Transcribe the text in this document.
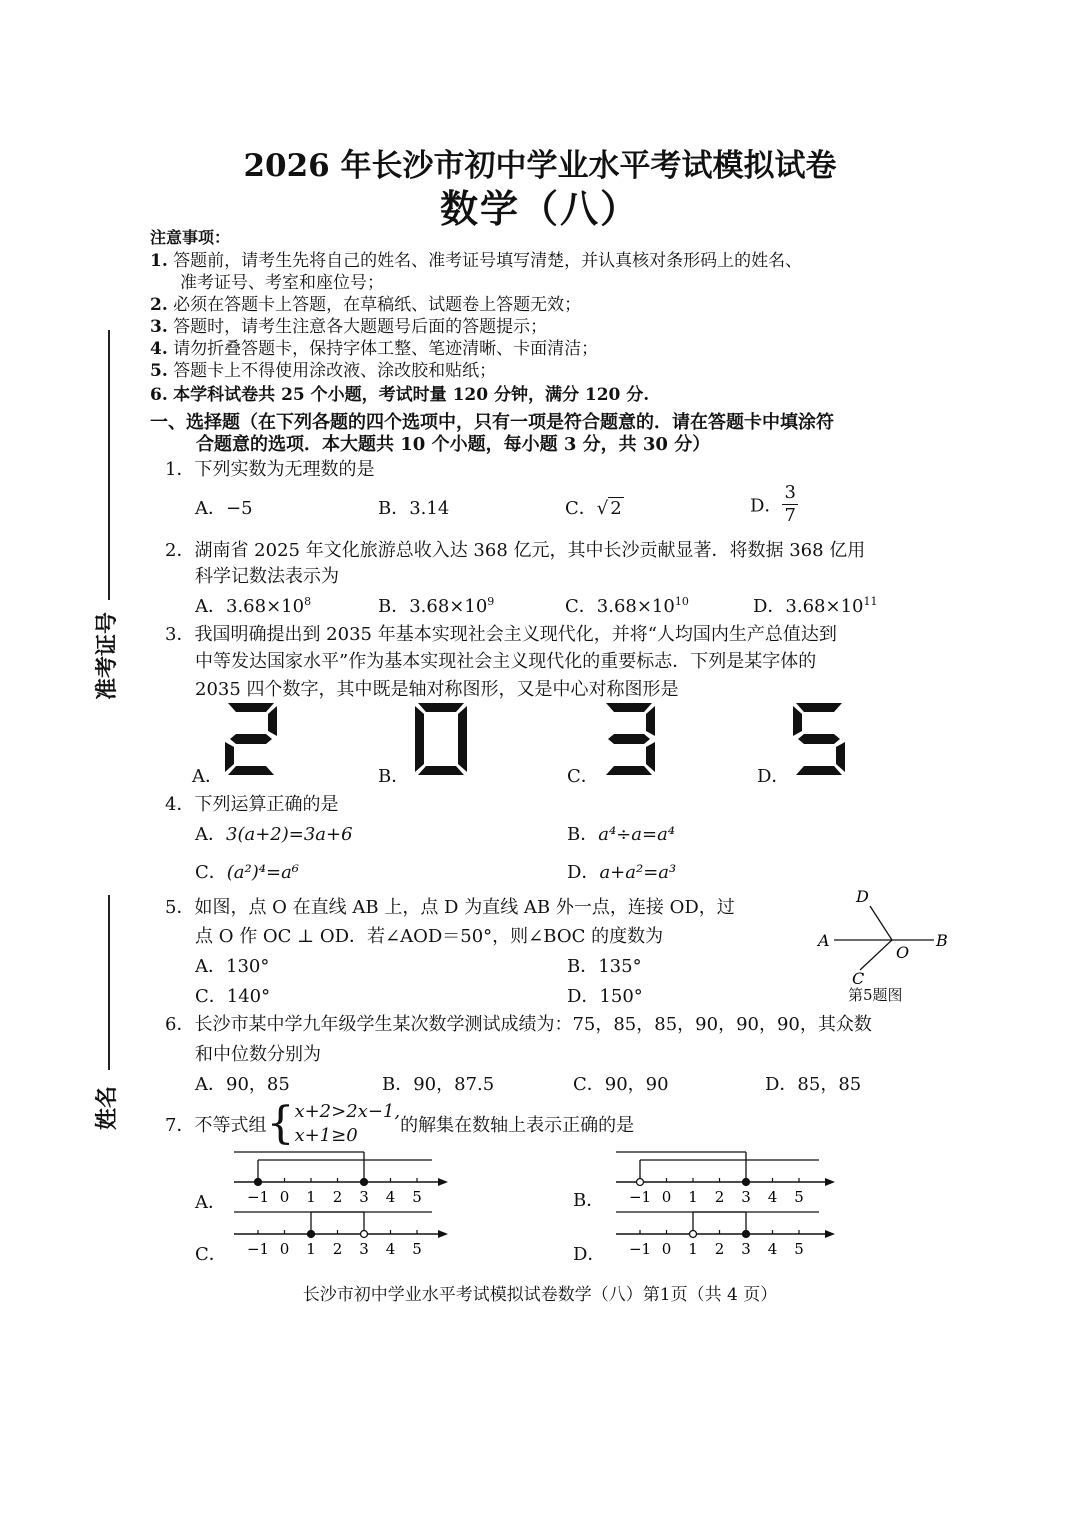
准考证号
姓名
2026 年长沙市初中学业水平考试模拟试卷
数学（八）
注意事项：
1. 答题前，请考生先将自己的姓名、准考证号填写清楚，并认真核对条形码上的姓名、
准考证号、考室和座位号；
2. 必须在答题卡上答题，在草稿纸、试题卷上答题无效；
3. 答题时，请考生注意各大题题号后面的答题提示；
4. 请勿折叠答题卡，保持字体工整、笔迹清晰、卡面清洁；
5. 答题卡上不得使用涂改液、涂改胶和贴纸；
6. 本学科试卷共 25 个小题，考试时量 120 分钟，满分 120 分.
一、选择题（在下列各题的四个选项中，只有一项是符合题意的．请在答题卡中填涂符
合题意的选项．本大题共 10 个小题，每小题 3 分，共 30 分）
1．下列实数为无理数的是
A．−5	B．3.14	C．√ 2	D． $\frac{3}{7}$
2．湖南省 2025 年文化旅游总收入达 368 亿元，其中长沙贡献显著．将数据 368 亿用
科学记数法表示为
A．$3.68\times 10^8$	B．$3.68\times 10^9$	C．$3.68\times 10^{10}$	D．$3.68\times 10^{11}$
3．我国明确提出到 2035 年基本实现社会主义现代化，并将“人均国内生产总值达到
中等发达国家水平”作为基本实现社会主义现代化的重要标志．下列是某字体的
2035 四个数字，其中既是轴对称图形，又是中心对称图形是
A．	B．	C．	D．
4．下列运算正确的是
A．3(a+2)=3a+6	B．a⁴÷a=a⁴
C．(a²)⁴=a⁶	D．a+a²=a³
5．如图，点 O 在直线 AB 上，点 D 为直线 AB 外一点，连接 OD，过
点 O 作 OC ⊥ OD．若∠AOD＝50°，则∠BOC 的度数为
A．130°	B．135°
C．140°	D．150°
A	B
D
O
C
第5题图
6．长沙市某中学九年级学生某次数学测试成绩为：75，85，85，90，90，90，其众数
和中位数分别为
A．90，85	B．90，87.5	C．90，90	D．85，85
7．不等式组{ x+2>2x−1,
x+1≥0	的解集在数轴上表示正确的是
A．	B．
C．	D．
−1 0 1 2 3 4 5	−1 0 1 2 3 4 5
−1 0 1 2 3 4 5	−1 0 1 2 3 4 5
长沙市初中学业水平考试模拟试卷数学（八）第1页（共 4 页）
